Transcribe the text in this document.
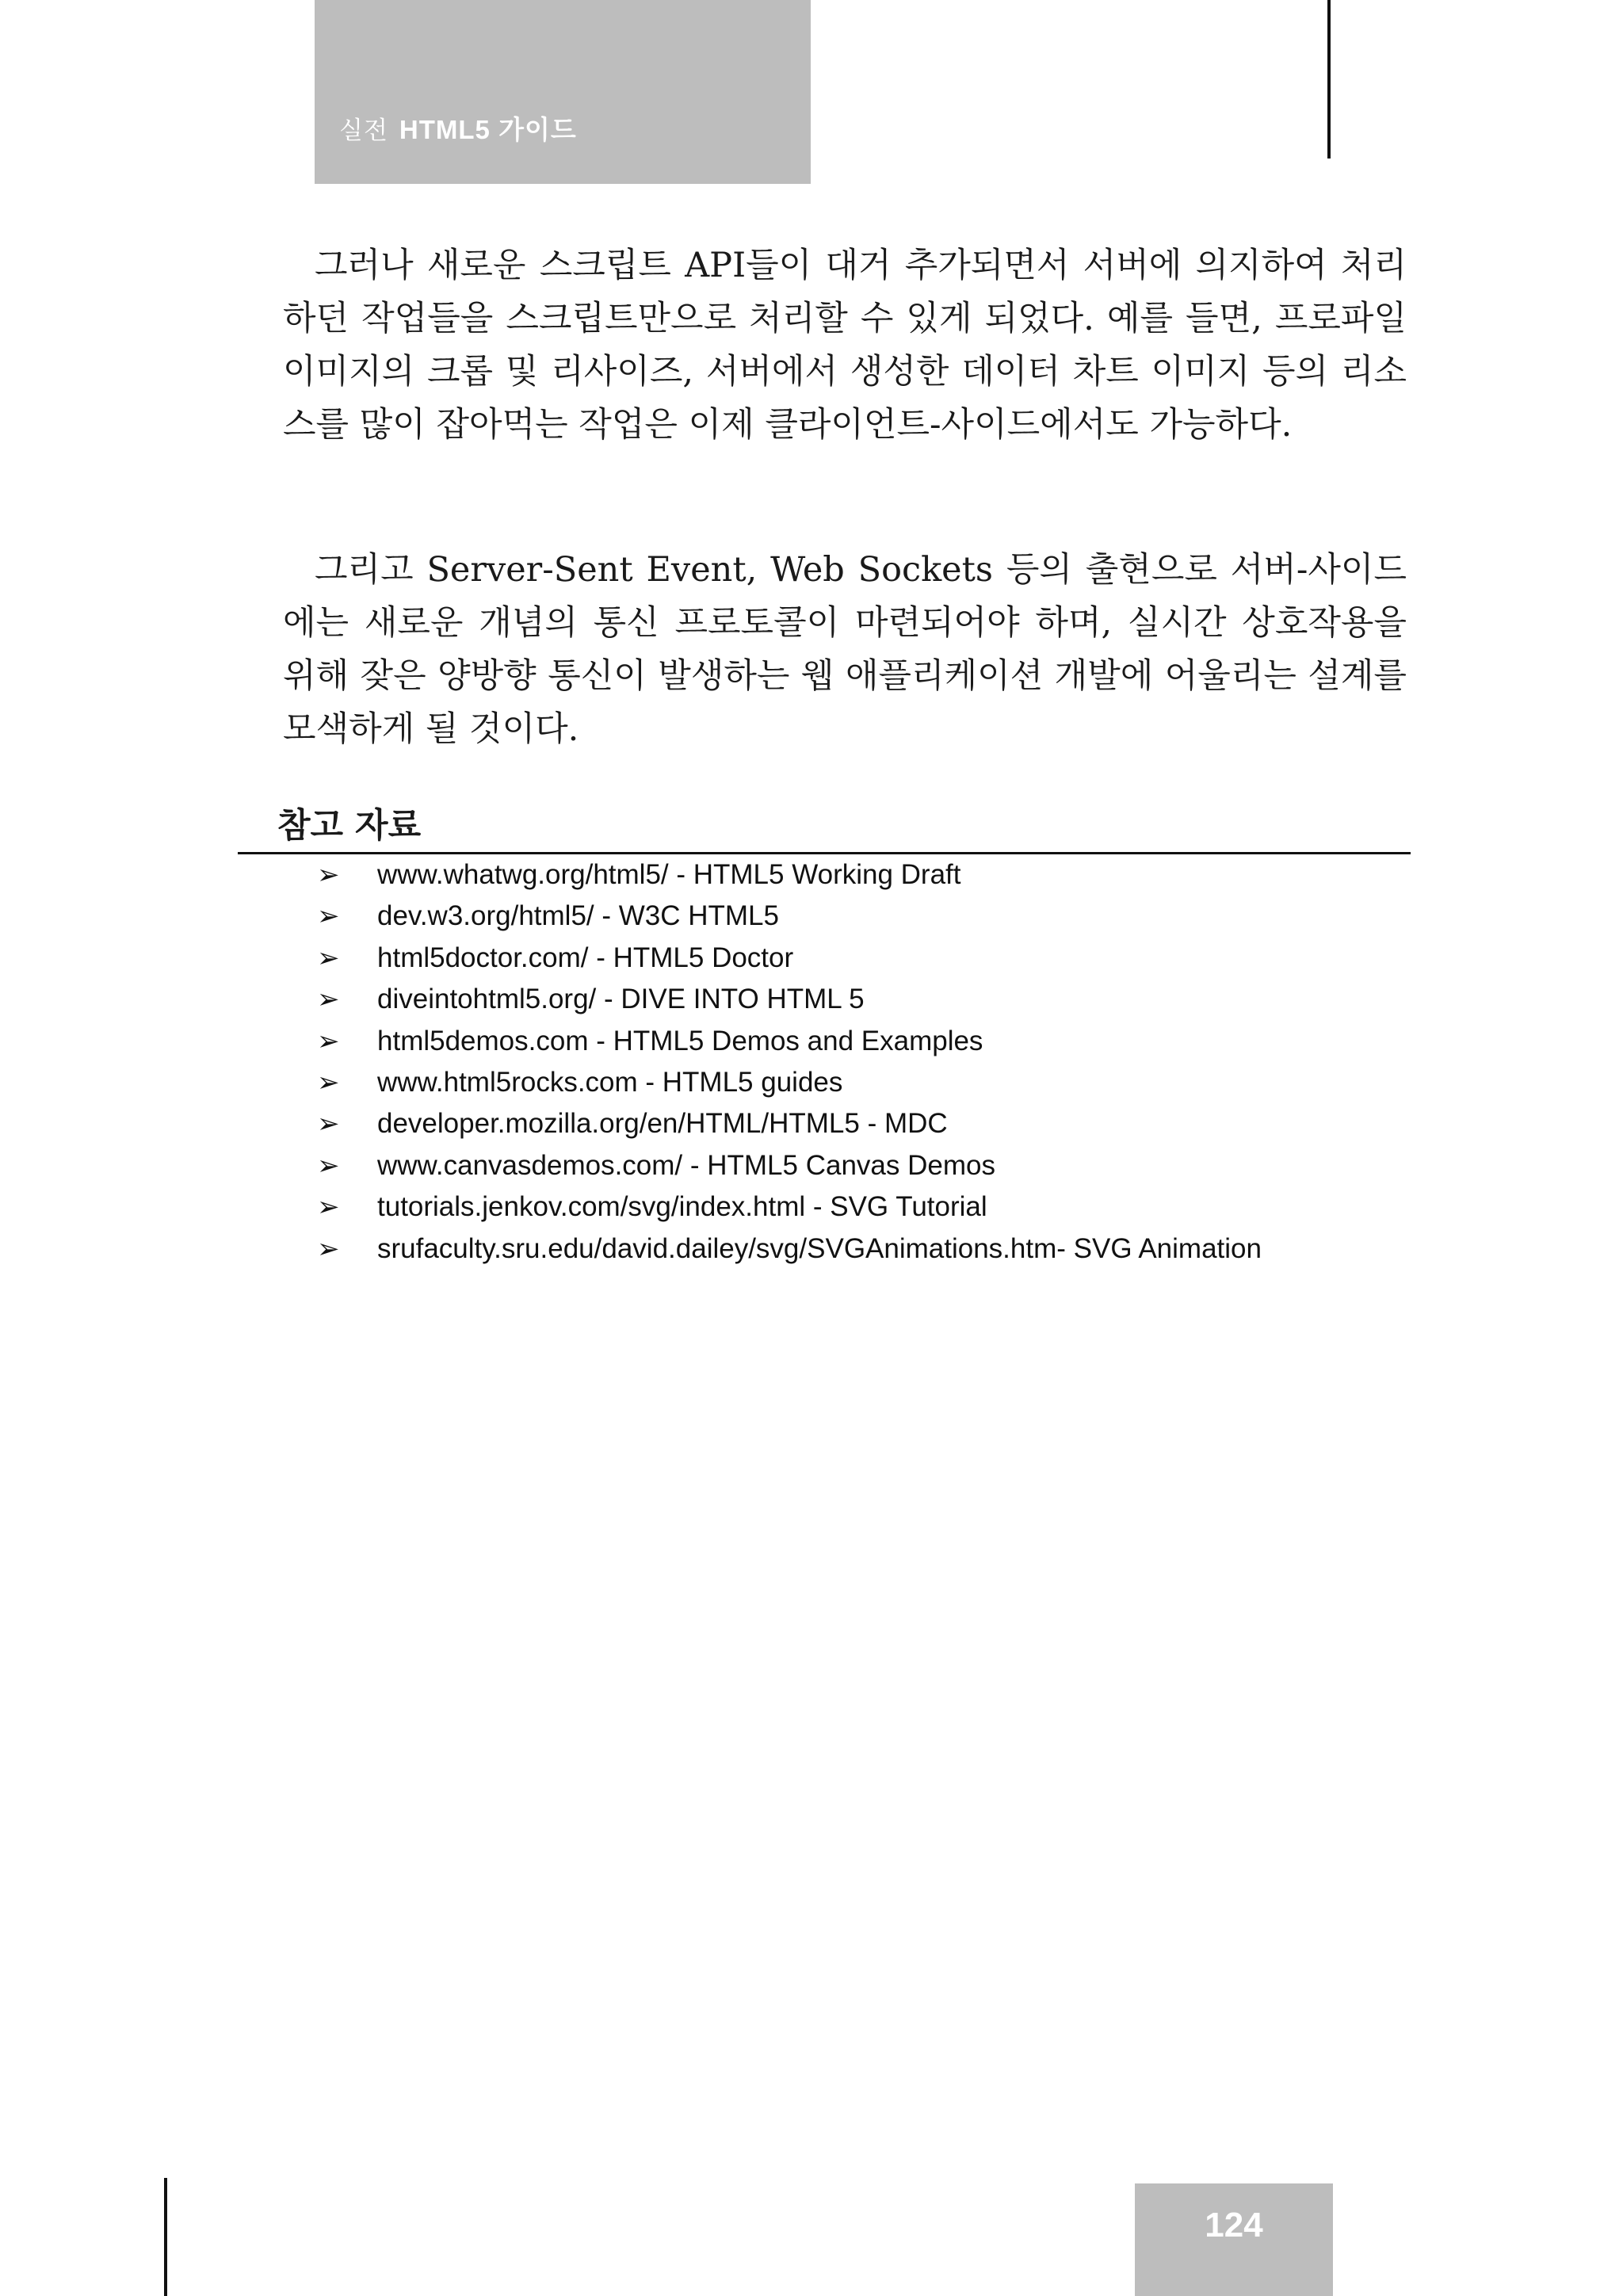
실전 HTML5 가이드

그러나 새로운 스크립트 API들이 대거 추가되면서 서버에 의지하여 처리하던 작업들을 스크립트만으로 처리할 수 있게 되었다. 예를 들면, 프로파일 이미지의 크롭 및 리사이즈, 서버에서 생성한 데이터 차트 이미지 등의 리소스를 많이 잡아먹는 작업은 이제 클라이언트-사이드에서도 가능하다.

그리고 Server-Sent Event, Web Sockets 등의 출현으로 서버-사이드에는 새로운 개념의 통신 프로토콜이 마련되어야 하며, 실시간 상호작용을 위해 잦은 양방향 통신이 발생하는 웹 애플리케이션 개발에 어울리는 설계를 모색하게 될 것이다.

참고 자료
➢ www.whatwg.org/html5/ - HTML5 Working Draft
➢ dev.w3.org/html5/ - W3C HTML5
➢ html5doctor.com/ - HTML5 Doctor
➢ diveintohtml5.org/ - DIVE INTO HTML 5
➢ html5demos.com - HTML5 Demos and Examples
➢ www.html5rocks.com - HTML5 guides
➢ developer.mozilla.org/en/HTML/HTML5 - MDC
➢ www.canvasdemos.com/ - HTML5 Canvas Demos
➢ tutorials.jenkov.com/svg/index.html - SVG Tutorial
➢ srufaculty.sru.edu/david.dailey/svg/SVGAnimations.htm- SVG Animation
124
